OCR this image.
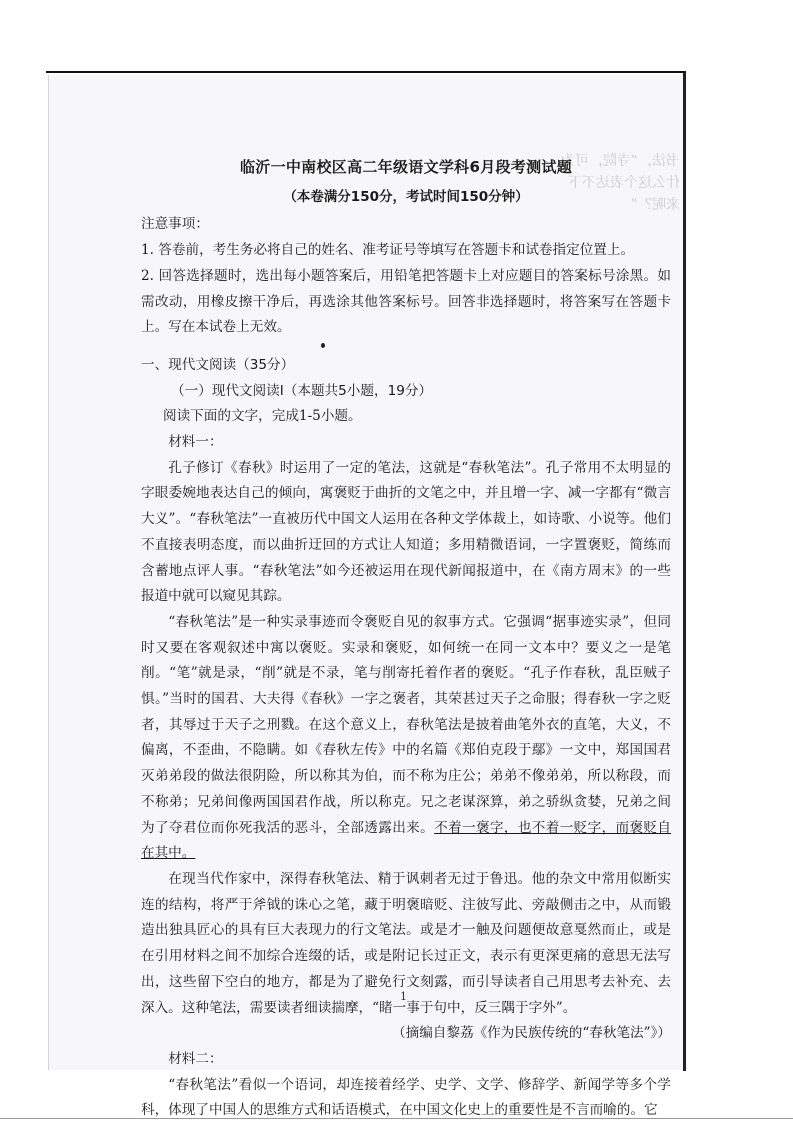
书法，“寺院，可为什么这个表达不下来呢？”
临沂一中南校区高二年级语文学科6月段考测试题
（本卷满分150分，考试时间150分钟）

注意事项：

1. 答卷前，考生务必将自己的姓名、准考证号等填写在答题卡和试卷指定位置上。

2. 回答选择题时，选出每小题答案后，用铅笔把答题卡上对应题目的答案标号涂黑。如需改动，用橡皮擦干净后，再选涂其他答案标号。回答非选择题时，将答案写在答题卡上。写在本试卷上无效。

一、现代文阅读（35分）

（一）现代文阅读Ⅰ（本题共5小题，19分）

阅读下面的文字，完成1-5小题。

材料一：

孔子修订《春秋》时运用了一定的笔法，这就是“春秋笔法”。孔子常用不太明显的字眼委婉地表达自己的倾向，寓褒贬于曲折的文笔之中，并且增一字、减一字都有“微言大义”。“春秋笔法”一直被历代中国文人运用在各种文学体裁上，如诗歌、小说等。他们不直接表明态度，而以曲折迂回的方式让人知道；多用精微语词，一字置褒贬，简练而含蓄地点评人事。“春秋笔法”如今还被运用在现代新闻报道中，在《南方周末》的一些报道中就可以窥见其踪。

“春秋笔法”是一种实录事迹而令褒贬自见的叙事方式。它强调“据事迹实录”，但同时又要在客观叙述中寓以褒贬。实录和褒贬，如何统一在同一文本中？要义之一是笔削。“笔”就是录，“削”就是不录，笔与削寄托着作者的褒贬。“孔子作春秋，乱臣贼子惧。”当时的国君、大夫得《春秋》一字之褒者，其荣甚过天子之命服；得春秋一字之贬者，其辱过于天子之刑戮。在这个意义上，春秋笔法是披着曲笔外衣的直笔，大义，不偏离，不歪曲，不隐瞒。如《春秋左传》中的名篇《郑伯克段于鄢》一文中，郑国国君灭弟弟段的做法很阴险，所以称其为伯，而不称为庄公；弟弟不像弟弟，所以称段，而不称弟；兄弟间像两国国君作战，所以称克。兄之老谋深算，弟之骄纵贪婪，兄弟之间为了夺君位而你死我活的恶斗，全部透露出来。不着一褒字，也不着一贬字，而褒贬自在其中。

在现当代作家中，深得春秋笔法、精于讽刺者无过于鲁迅。他的杂文中常用似断实连的结构，将严于斧钺的诛心之笔，藏于明褒暗贬、注彼写此、旁敲侧击之中，从而锻造出独具匠心的具有巨大表现力的行文笔法。或是才一触及问题便故意戛然而止，或是在引用材料之间不加综合连缀的话，或是附记长过正文，表示有更深更痛的意思无法写出，这些留下空白的地方，都是为了避免行文刻露，而引导读者自己用思考去补充、去深入。这种笔法，需要读者细读揣摩，“睹一事于句中，反三隅于字外”。

（摘编自黎荔《作为民族传统的“春秋笔法”》）

材料二：

“春秋笔法”看似一个语词，却连接着经学、史学、文学、修辞学、新闻学等多个学科，体现了中国人的思维方式和话语模式，在中国文化史上的重要性是不言而喻的。它

1
